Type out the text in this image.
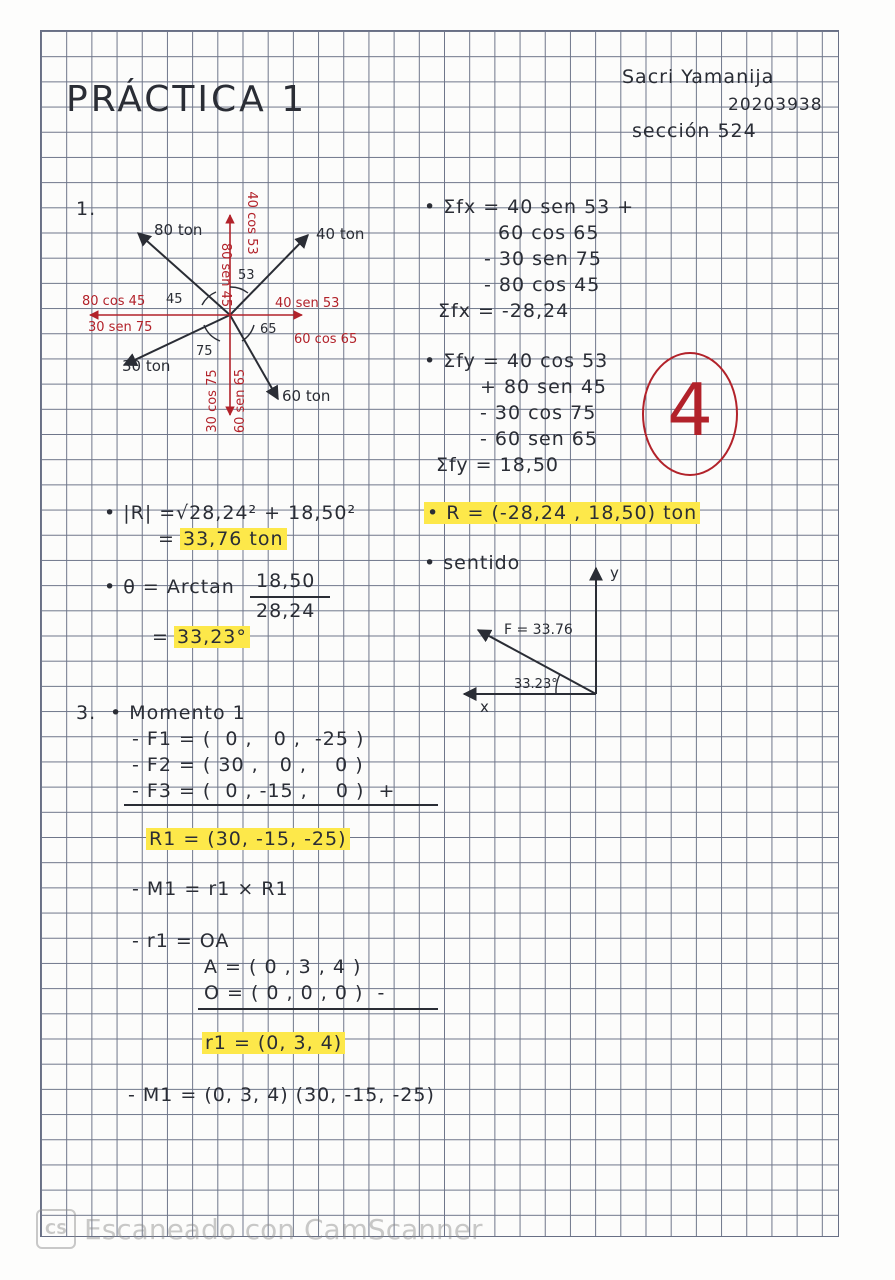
PRÁCTICA 1

Sacri Yamanija

20203938

sección 524

1.

80 ton	40 ton
30 ton
60 ton
80 cos 45
30 sen 75
40 sen 53
60 cos 65
80 sen 45
40 cos 53
30 cos 75 60 sen 65
45
53
65
75

• Σfx = 40 sen 53 +

60 cos 65

- 30 sen 75

- 80 cos 45

Σfx = -28,24

• Σfy = 40 cos 53

+ 80 sen 45

- 30 cos 75

- 60 sen 65

Σfy = 18,50

4

• |R| = √28,24² + 18,50²

= 33,76 ton

• θ = Arctan 18,50

28,24

= 33,23°

• R = (-28,24 , 18,50) ton

• sentido	y
x
F = 33.76
33.23°

3. • Momento 1

- F1 = (  0 ,   0 ,  -25 )

- F2 = ( 30 ,   0 ,    0 )

- F3 = (  0 , -15 ,    0 )  +

R1 = (30, -15, -25)

- M1 = r1 × R1

- r1 = OA

A = ( 0 , 3 , 4 )

O = ( 0 , 0 , 0 )  -

r1 = (0, 3, 4)

- M1 = (0, 3, 4) (30, -15, -25)

CS Escaneado con CamScanner
